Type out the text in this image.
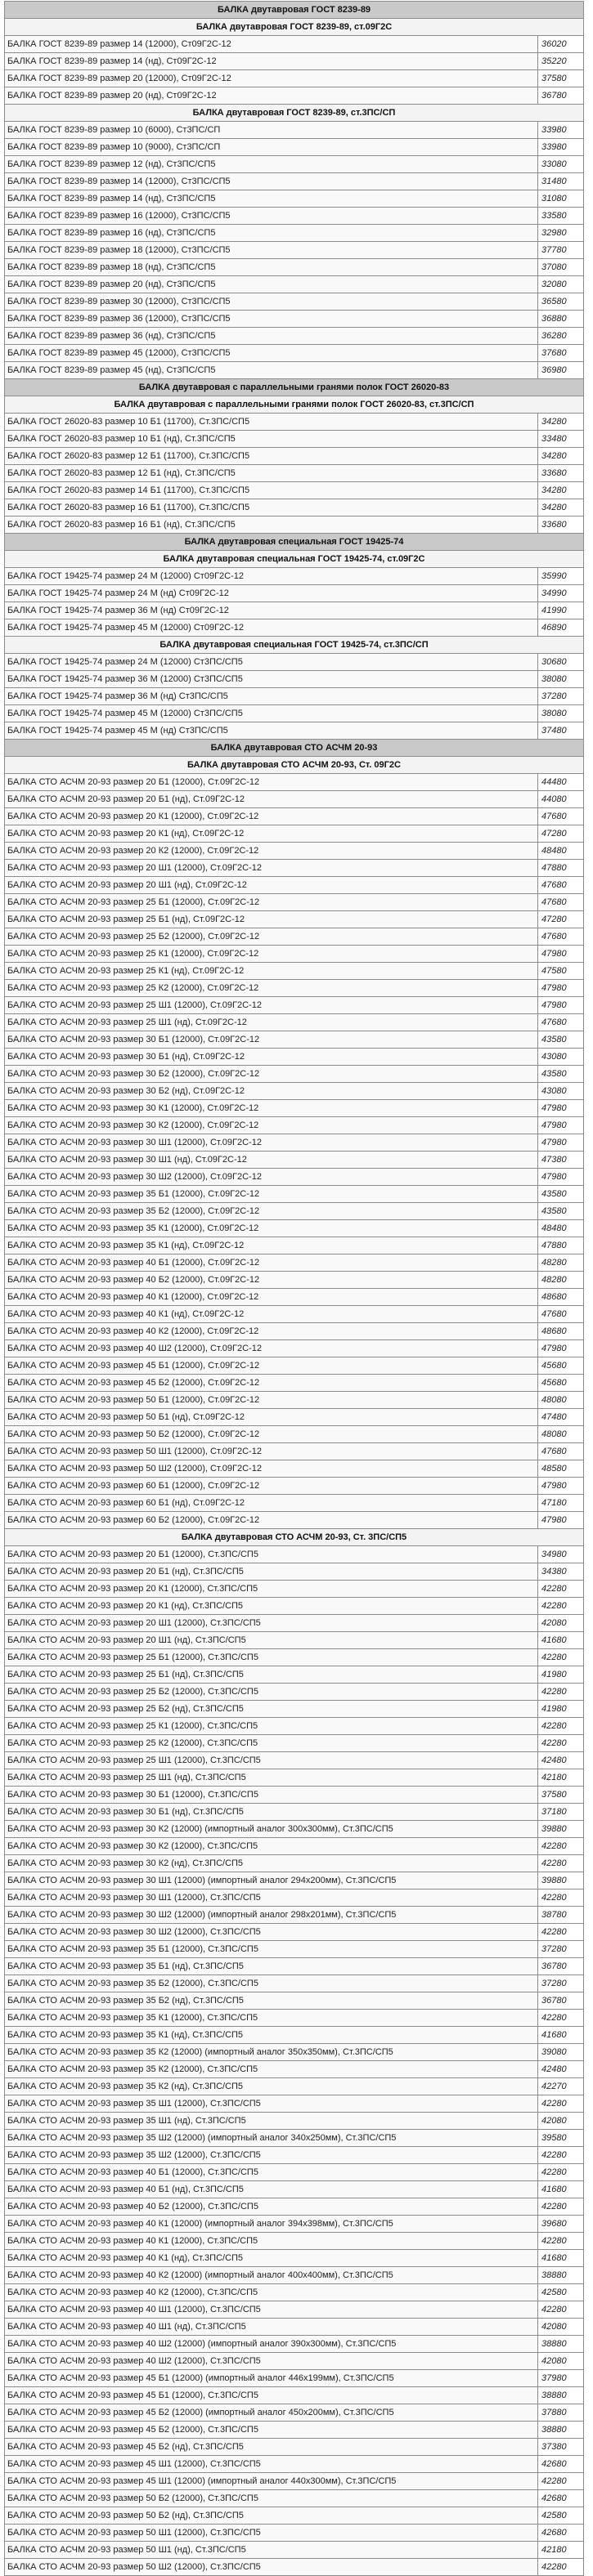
БАЛКА двутавровая ГОСТ 8239-89	
БАЛКА двутавровая ГОСТ 8239-89, ст.09Г2С	
БАЛКА ГОСТ 8239-89 размер 14 (12000), Ст09Г2С-12	36020
БАЛКА ГОСТ 8239-89 размер 14 (нд), Ст09Г2С-12	35220
БАЛКА ГОСТ 8239-89 размер 20 (12000), Ст09Г2С-12	37580
БАЛКА ГОСТ 8239-89 размер 20 (нд), Ст09Г2С-12	36780
БАЛКА двутавровая ГОСТ 8239-89, ст.3ПС/СП	
БАЛКА ГОСТ 8239-89 размер 10 (6000), Ст3ПС/СП	33980
БАЛКА ГОСТ 8239-89 размер 10 (9000), Ст3ПС/СП	33980
БАЛКА ГОСТ 8239-89 размер 12 (нд), Ст3ПС/СП5	33080
БАЛКА ГОСТ 8239-89 размер 14 (12000), Ст3ПС/СП5	31480
БАЛКА ГОСТ 8239-89 размер 14 (нд), Ст3ПС/СП5	31080
БАЛКА ГОСТ 8239-89 размер 16 (12000), Ст3ПС/СП5	33580
БАЛКА ГОСТ 8239-89 размер 16 (нд), Ст3ПС/СП5	32980
БАЛКА ГОСТ 8239-89 размер 18 (12000), Ст3ПС/СП5	37780
БАЛКА ГОСТ 8239-89 размер 18 (нд), Ст3ПС/СП5	37080
БАЛКА ГОСТ 8239-89 размер 20 (нд), Ст3ПС/СП5	32080
БАЛКА ГОСТ 8239-89 размер 30 (12000), Ст3ПС/СП5	36580
БАЛКА ГОСТ 8239-89 размер 36 (12000), Ст3ПС/СП5	36880
БАЛКА ГОСТ 8239-89 размер 36 (нд), Ст3ПС/СП5	36280
БАЛКА ГОСТ 8239-89 размер 45 (12000), Ст3ПС/СП5	37680
БАЛКА ГОСТ 8239-89 размер 45 (нд), Ст3ПС/СП5	36980
БАЛКА двутавровая с параллельными гранями полок ГОСТ 26020-83	
БАЛКА двутавровая с параллельными гранями полок ГОСТ 26020-83, ст.3ПС/СП	
БАЛКА ГОСТ 26020-83 размер 10 Б1 (11700), Ст.3ПС/СП5	34280
БАЛКА ГОСТ 26020-83 размер 10 Б1 (нд), Ст.3ПС/СП5	33480
БАЛКА ГОСТ 26020-83 размер 12 Б1 (11700), Ст.3ПС/СП5	34280
БАЛКА ГОСТ 26020-83 размер 12 Б1 (нд), Ст.3ПС/СП5	33680
БАЛКА ГОСТ 26020-83 размер 14 Б1 (11700), Ст.3ПС/СП5	34280
БАЛКА ГОСТ 26020-83 размер 16 Б1 (11700), Ст.3ПС/СП5	34280
БАЛКА ГОСТ 26020-83 размер 16 Б1 (нд), Ст.3ПС/СП5	33680
БАЛКА двутавровая специальная ГОСТ 19425-74	
БАЛКА двутавровая специальная ГОСТ 19425-74, ст.09Г2С	
БАЛКА ГОСТ 19425-74 размер 24 М (12000) Ст09Г2С-12	35990
БАЛКА ГОСТ 19425-74 размер 24 М (нд) Ст09Г2С-12	34990
БАЛКА ГОСТ 19425-74 размер 36 М (нд) Ст09Г2С-12	41990
БАЛКА ГОСТ 19425-74 размер 45 М (12000) Ст09Г2С-12	46890
БАЛКА двутавровая специальная ГОСТ 19425-74, ст.3ПС/СП	
БАЛКА ГОСТ 19425-74 размер 24 М (12000) Ст3ПС/СП5	30680
БАЛКА ГОСТ 19425-74 размер 36 М (12000) Ст3ПС/СП5	38080
БАЛКА ГОСТ 19425-74 размер 36 М (нд) Ст3ПС/СП5	37280
БАЛКА ГОСТ 19425-74 размер 45 М (12000) Ст3ПС/СП5	38080
БАЛКА ГОСТ 19425-74 размер 45 М (нд) Ст3ПС/СП5	37480
БАЛКА двутавровая СТО АСЧМ 20-93	
БАЛКА двутавровая СТО АСЧМ 20-93, Ст. 09Г2С	
БАЛКА СТО АСЧМ 20-93 размер 20 Б1 (12000), Ст.09Г2С-12	44480
БАЛКА СТО АСЧМ 20-93 размер 20 Б1 (нд), Ст.09Г2С-12	44080
БАЛКА СТО АСЧМ 20-93 размер 20 К1 (12000), Ст.09Г2С-12	47680
БАЛКА СТО АСЧМ 20-93 размер 20 К1 (нд), Ст.09Г2С-12	47280
БАЛКА СТО АСЧМ 20-93 размер 20 К2 (12000), Ст.09Г2С-12	48480
БАЛКА СТО АСЧМ 20-93 размер 20 Ш1 (12000), Ст.09Г2С-12	47880
БАЛКА СТО АСЧМ 20-93 размер 20 Ш1 (нд), Ст.09Г2С-12	47680
БАЛКА СТО АСЧМ 20-93 размер 25 Б1 (12000), Ст.09Г2С-12	47680
БАЛКА СТО АСЧМ 20-93 размер 25 Б1 (нд), Ст.09Г2С-12	47280
БАЛКА СТО АСЧМ 20-93 размер 25 Б2 (12000), Ст.09Г2С-12	47680
БАЛКА СТО АСЧМ 20-93 размер 25 К1 (12000), Ст.09Г2С-12	47980
БАЛКА СТО АСЧМ 20-93 размер 25 К1 (нд), Ст.09Г2С-12	47580
БАЛКА СТО АСЧМ 20-93 размер 25 К2 (12000), Ст.09Г2С-12	47980
БАЛКА СТО АСЧМ 20-93 размер 25 Ш1 (12000), Ст.09Г2С-12	47980
БАЛКА СТО АСЧМ 20-93 размер 25 Ш1 (нд), Ст.09Г2С-12	47680
БАЛКА СТО АСЧМ 20-93 размер 30 Б1 (12000), Ст.09Г2С-12	43580
БАЛКА СТО АСЧМ 20-93 размер 30 Б1 (нд), Ст.09Г2С-12	43080
БАЛКА СТО АСЧМ 20-93 размер 30 Б2 (12000), Ст.09Г2С-12	43580
БАЛКА СТО АСЧМ 20-93 размер 30 Б2 (нд), Ст.09Г2С-12	43080
БАЛКА СТО АСЧМ 20-93 размер 30 К1 (12000), Ст.09Г2С-12	47980
БАЛКА СТО АСЧМ 20-93 размер 30 К2 (12000), Ст.09Г2С-12	47980
БАЛКА СТО АСЧМ 20-93 размер 30 Ш1 (12000), Ст.09Г2С-12	47980
БАЛКА СТО АСЧМ 20-93 размер 30 Ш1 (нд), Ст.09Г2С-12	47380
БАЛКА СТО АСЧМ 20-93 размер 30 Ш2 (12000), Ст.09Г2С-12	47980
БАЛКА СТО АСЧМ 20-93 размер 35 Б1 (12000), Ст.09Г2С-12	43580
БАЛКА СТО АСЧМ 20-93 размер 35 Б2 (12000), Ст.09Г2С-12	43580
БАЛКА СТО АСЧМ 20-93 размер 35 К1 (12000), Ст.09Г2С-12	48480
БАЛКА СТО АСЧМ 20-93 размер 35 К1 (нд), Ст.09Г2С-12	47880
БАЛКА СТО АСЧМ 20-93 размер 40 Б1 (12000), Ст.09Г2С-12	48280
БАЛКА СТО АСЧМ 20-93 размер 40 Б2 (12000), Ст.09Г2С-12	48280
БАЛКА СТО АСЧМ 20-93 размер 40 К1 (12000), Ст.09Г2С-12	48680
БАЛКА СТО АСЧМ 20-93 размер 40 К1 (нд), Ст.09Г2С-12	47680
БАЛКА СТО АСЧМ 20-93 размер 40 К2 (12000), Ст.09Г2С-12	48680
БАЛКА СТО АСЧМ 20-93 размер 40 Ш2 (12000), Ст.09Г2С-12	47980
БАЛКА СТО АСЧМ 20-93 размер 45 Б1 (12000), Ст.09Г2С-12	45680
БАЛКА СТО АСЧМ 20-93 размер 45 Б2 (12000), Ст.09Г2С-12	45680
БАЛКА СТО АСЧМ 20-93 размер 50 Б1 (12000), Ст.09Г2С-12	48080
БАЛКА СТО АСЧМ 20-93 размер 50 Б1 (нд), Ст.09Г2С-12	47480
БАЛКА СТО АСЧМ 20-93 размер 50 Б2 (12000), Ст.09Г2С-12	48080
БАЛКА СТО АСЧМ 20-93 размер 50 Ш1 (12000), Ст.09Г2С-12	47680
БАЛКА СТО АСЧМ 20-93 размер 50 Ш2 (12000), Ст.09Г2С-12	48580
БАЛКА СТО АСЧМ 20-93 размер 60 Б1 (12000), Ст.09Г2С-12	47980
БАЛКА СТО АСЧМ 20-93 размер 60 Б1 (нд), Ст.09Г2С-12	47180
БАЛКА СТО АСЧМ 20-93 размер 60 Б2 (12000), Ст.09Г2С-12	47980
БАЛКА двутавровая СТО АСЧМ 20-93, Ст. 3ПС/СП5	
БАЛКА СТО АСЧМ 20-93 размер 20 Б1 (12000), Ст.3ПС/СП5	34980
БАЛКА СТО АСЧМ 20-93 размер 20 Б1 (нд), Ст.3ПС/СП5	34380
БАЛКА СТО АСЧМ 20-93 размер 20 К1 (12000), Ст.3ПС/СП5	42280
БАЛКА СТО АСЧМ 20-93 размер 20 К1 (нд), Ст.3ПС/СП5	42280
БАЛКА СТО АСЧМ 20-93 размер 20 Ш1 (12000), Ст.3ПС/СП5	42080
БАЛКА СТО АСЧМ 20-93 размер 20 Ш1 (нд), Ст.3ПС/СП5	41680
БАЛКА СТО АСЧМ 20-93 размер 25 Б1 (12000), Ст.3ПС/СП5	42280
БАЛКА СТО АСЧМ 20-93 размер 25 Б1 (нд), Ст.3ПС/СП5	41980
БАЛКА СТО АСЧМ 20-93 размер 25 Б2 (12000), Ст.3ПС/СП5	42280
БАЛКА СТО АСЧМ 20-93 размер 25 Б2 (нд), Ст.3ПС/СП5	41980
БАЛКА СТО АСЧМ 20-93 размер 25 К1 (12000), Ст.3ПС/СП5	42280
БАЛКА СТО АСЧМ 20-93 размер 25 К2 (12000), Ст.3ПС/СП5	42280
БАЛКА СТО АСЧМ 20-93 размер 25 Ш1 (12000), Ст.3ПС/СП5	42480
БАЛКА СТО АСЧМ 20-93 размер 25 Ш1 (нд), Ст.3ПС/СП5	42180
БАЛКА СТО АСЧМ 20-93 размер 30 Б1 (12000), Ст.3ПС/СП5	37580
БАЛКА СТО АСЧМ 20-93 размер 30 Б1 (нд), Ст.3ПС/СП5	37180
БАЛКА СТО АСЧМ 20-93 размер 30 К2 (12000) (импортный аналог 300x300мм), Ст.3ПС/СП5	39880
БАЛКА СТО АСЧМ 20-93 размер 30 К2 (12000), Ст.3ПС/СП5	42280
БАЛКА СТО АСЧМ 20-93 размер 30 К2 (нд), Ст.3ПС/СП5	42280
БАЛКА СТО АСЧМ 20-93 размер 30 Ш1 (12000) (импортный аналог 294x200мм), Ст.3ПС/СП5	39880
БАЛКА СТО АСЧМ 20-93 размер 30 Ш1 (12000), Ст.3ПС/СП5	42280
БАЛКА СТО АСЧМ 20-93 размер 30 Ш2 (12000) (импортный аналог 298x201мм), Ст.3ПС/СП5	38780
БАЛКА СТО АСЧМ 20-93 размер 30 Ш2 (12000), Ст.3ПС/СП5	42280
БАЛКА СТО АСЧМ 20-93 размер 35 Б1 (12000), Ст.3ПС/СП5	37280
БАЛКА СТО АСЧМ 20-93 размер 35 Б1 (нд), Ст.3ПС/СП5	36780
БАЛКА СТО АСЧМ 20-93 размер 35 Б2 (12000), Ст.3ПС/СП5	37280
БАЛКА СТО АСЧМ 20-93 размер 35 Б2 (нд), Ст.3ПС/СП5	36780
БАЛКА СТО АСЧМ 20-93 размер 35 К1 (12000), Ст.3ПС/СП5	42280
БАЛКА СТО АСЧМ 20-93 размер 35 К1 (нд), Ст.3ПС/СП5	41680
БАЛКА СТО АСЧМ 20-93 размер 35 К2 (12000) (импортный аналог 350x350мм), Ст.3ПС/СП5	39080
БАЛКА СТО АСЧМ 20-93 размер 35 К2 (12000), Ст.3ПС/СП5	42480
БАЛКА СТО АСЧМ 20-93 размер 35 К2 (нд), Ст.3ПС/СП5	42270
БАЛКА СТО АСЧМ 20-93 размер 35 Ш1 (12000), Ст.3ПС/СП5	42280
БАЛКА СТО АСЧМ 20-93 размер 35 Ш1 (нд), Ст.3ПС/СП5	42080
БАЛКА СТО АСЧМ 20-93 размер 35 Ш2 (12000) (импортный аналог 340x250мм), Ст.3ПС/СП5	39580
БАЛКА СТО АСЧМ 20-93 размер 35 Ш2 (12000), Ст.3ПС/СП5	42280
БАЛКА СТО АСЧМ 20-93 размер 40 Б1 (12000), Ст.3ПС/СП5	42280
БАЛКА СТО АСЧМ 20-93 размер 40 Б1 (нд), Ст.3ПС/СП5	41680
БАЛКА СТО АСЧМ 20-93 размер 40 Б2 (12000), Ст.3ПС/СП5	42280
БАЛКА СТО АСЧМ 20-93 размер 40 К1 (12000) (импортный аналог 394x398мм), Ст.3ПС/СП5	39680
БАЛКА СТО АСЧМ 20-93 размер 40 К1 (12000), Ст.3ПС/СП5	42280
БАЛКА СТО АСЧМ 20-93 размер 40 К1 (нд), Ст.3ПС/СП5	41680
БАЛКА СТО АСЧМ 20-93 размер 40 К2 (12000) (импортный аналог 400x400мм), Ст.3ПС/СП5	38880
БАЛКА СТО АСЧМ 20-93 размер 40 К2 (12000), Ст.3ПС/СП5	42580
БАЛКА СТО АСЧМ 20-93 размер 40 Ш1 (12000), Ст.3ПС/СП5	42280
БАЛКА СТО АСЧМ 20-93 размер 40 Ш1 (нд), Ст.3ПС/СП5	42080
БАЛКА СТО АСЧМ 20-93 размер 40 Ш2 (12000) (импортный аналог 390x300мм), Ст.3ПС/СП5	38880
БАЛКА СТО АСЧМ 20-93 размер 40 Ш2 (12000), Ст.3ПС/СП5	42080
БАЛКА СТО АСЧМ 20-93 размер 45 Б1 (12000) (импортный аналог 446x199мм), Ст.3ПС/СП5	37980
БАЛКА СТО АСЧМ 20-93 размер 45 Б1 (12000), Ст.3ПС/СП5	38880
БАЛКА СТО АСЧМ 20-93 размер 45 Б2 (12000) (импортный аналог 450x200мм), Ст.3ПС/СП5	37880
БАЛКА СТО АСЧМ 20-93 размер 45 Б2 (12000), Ст.3ПС/СП5	38880
БАЛКА СТО АСЧМ 20-93 размер 45 Б2 (нд), Ст.3ПС/СП5	37380
БАЛКА СТО АСЧМ 20-93 размер 45 Ш1 (12000), Ст.3ПС/СП5	42680
БАЛКА СТО АСЧМ 20-93 размер 45 Ш1 (12000) (импортный аналог 440x300мм), Ст.3ПС/СП5	42280
БАЛКА СТО АСЧМ 20-93 размер 50 Б2 (12000), Ст.3ПС/СП5	42680
БАЛКА СТО АСЧМ 20-93 размер 50 Б2 (нд), Ст.3ПС/СП5	42580
БАЛКА СТО АСЧМ 20-93 размер 50 Ш1 (12000), Ст.3ПС/СП5	42680
БАЛКА СТО АСЧМ 20-93 размер 50 Ш1 (нд), Ст.3ПС/СП5	42180
БАЛКА СТО АСЧМ 20-93 размер 50 Ш2 (12000), Ст.3ПС/СП5	42280
